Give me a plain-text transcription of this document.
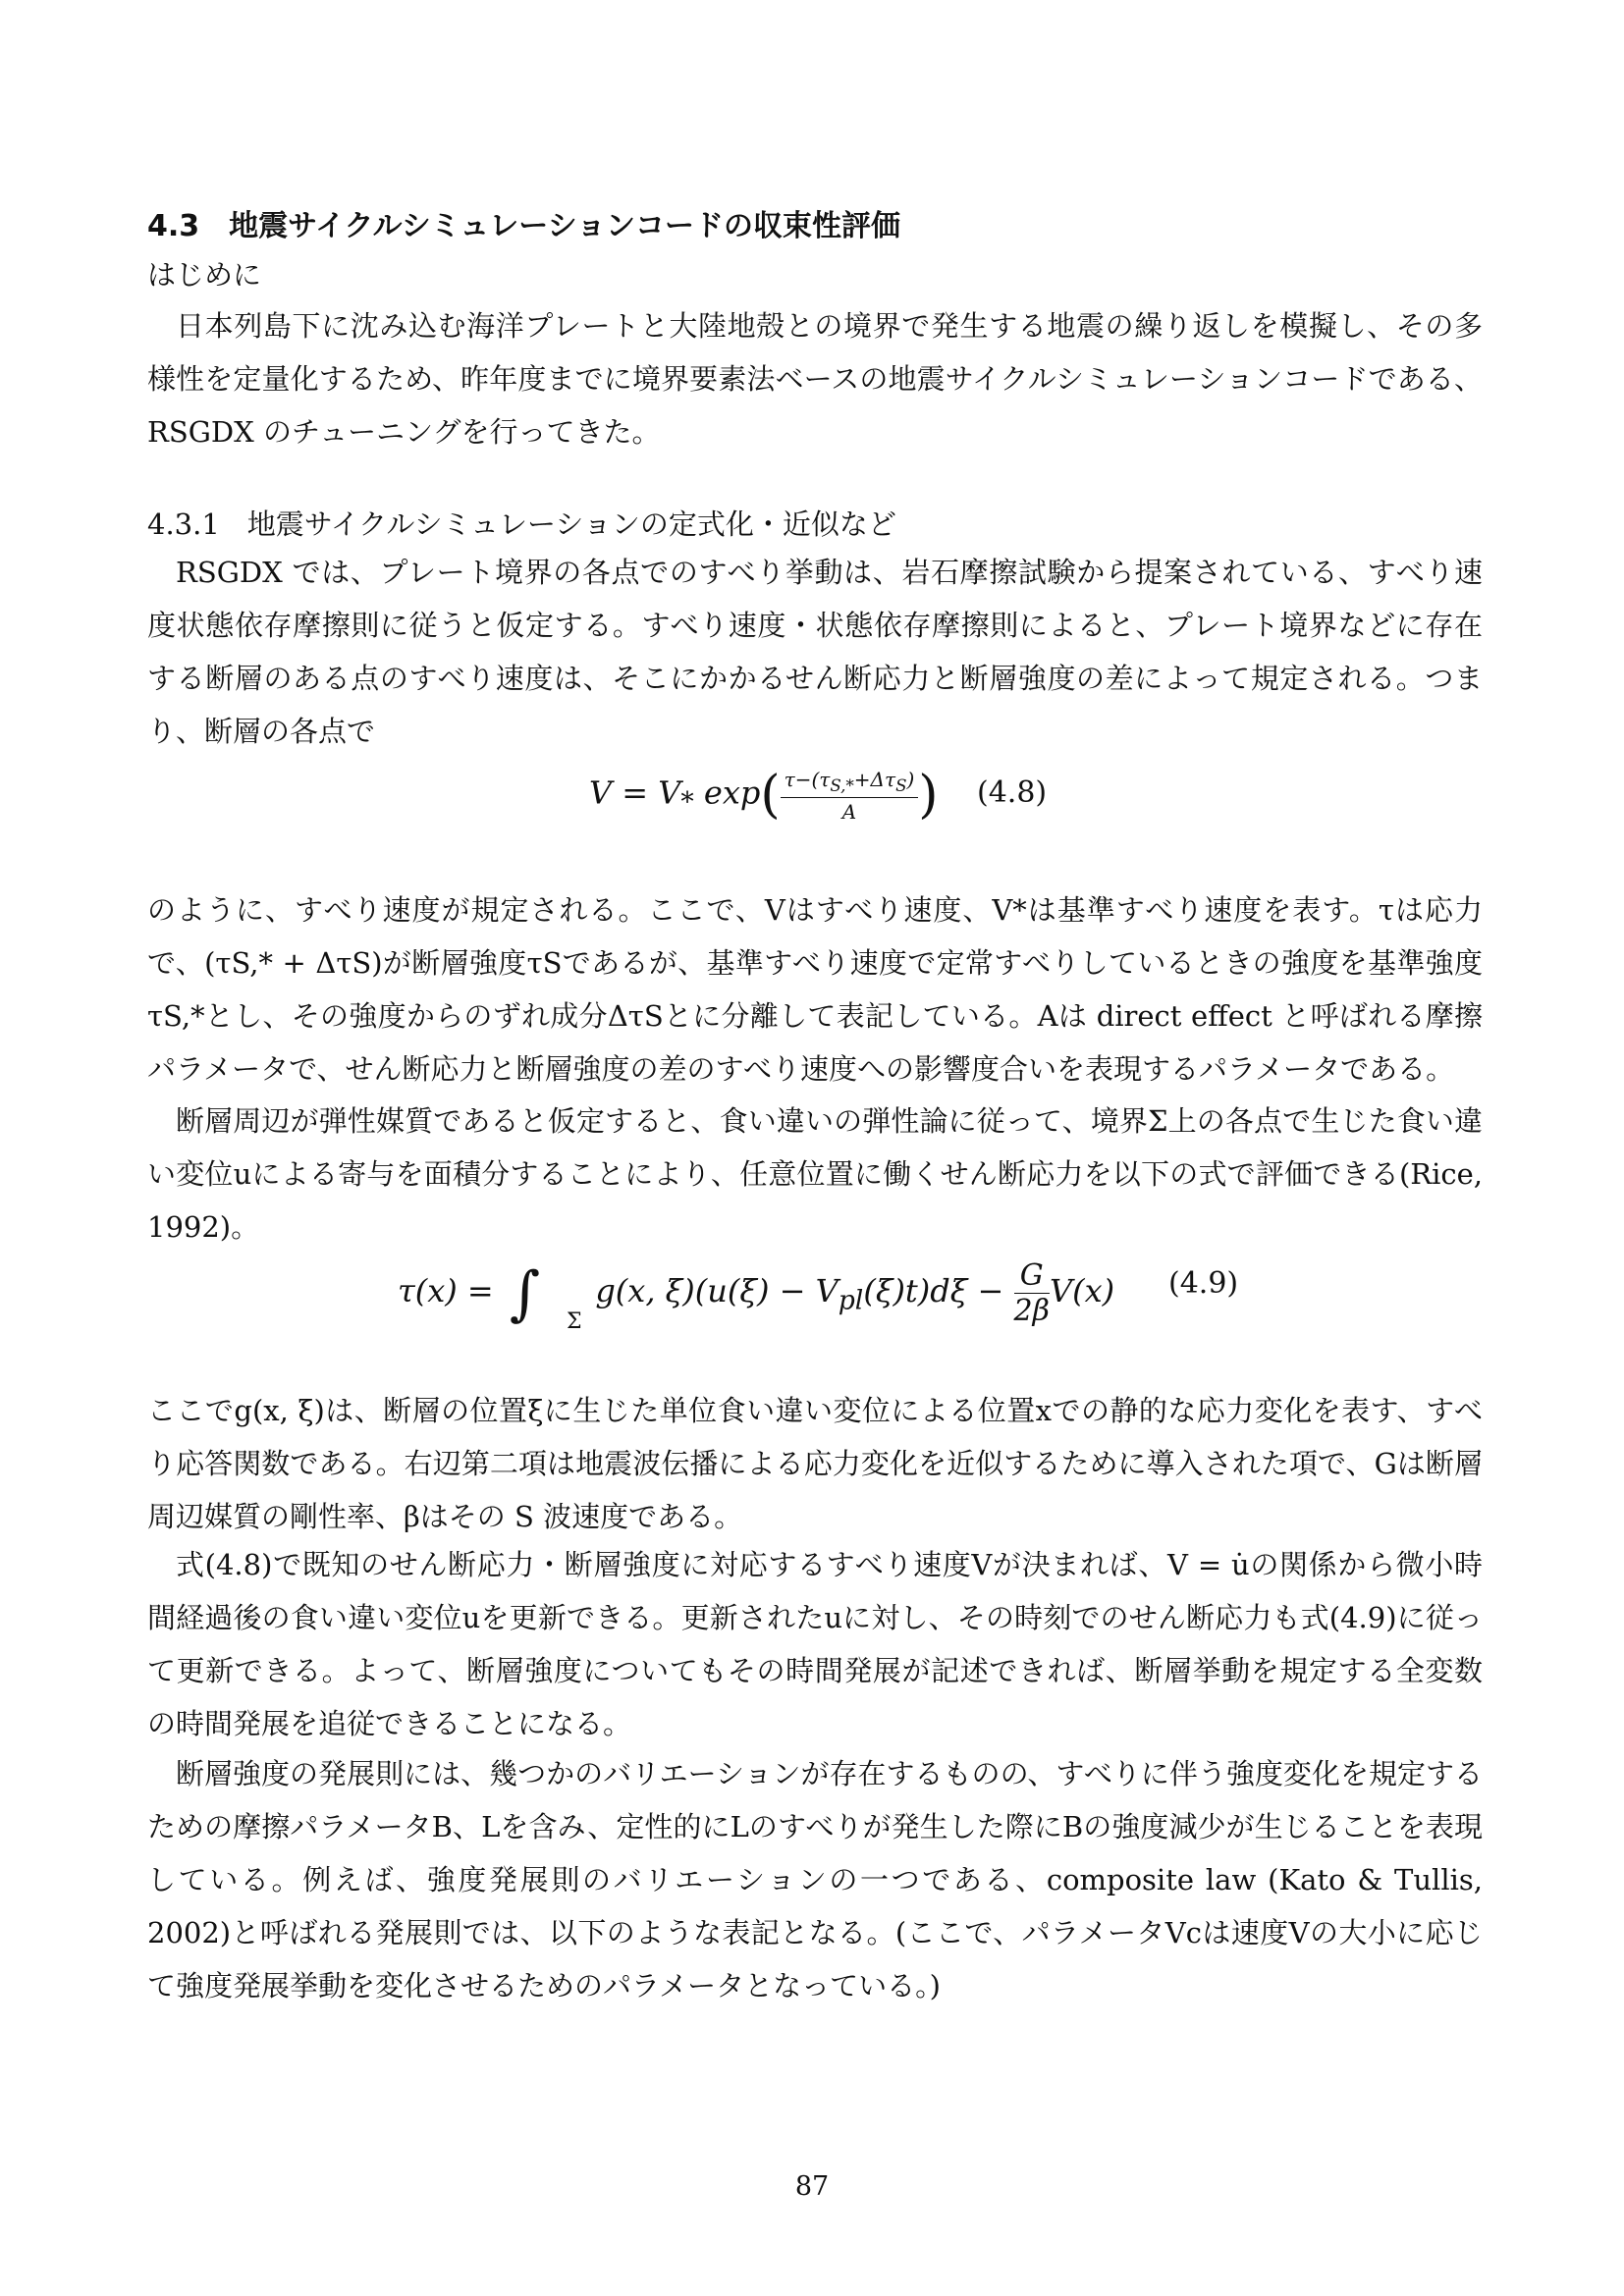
4.3 地震サイクルシミュレーションコードの収束性評価
はじめに

日本列島下に沈み込む海洋プレートと大陸地殻との境界で発生する地震の繰り返しを模擬し、その多様性を定量化するため、昨年度までに境界要素法ベースの地震サイクルシミュレーションコードである、RSGDX のチューニングを行ってきた。

4.3.1 地震サイクルシミュレーションの定式化・近似など

RSGDX では、プレート境界の各点でのすべり挙動は、岩石摩擦試験から提案されている、すべり速度状態依存摩擦則に従うと仮定する。すべり速度・状態依存摩擦則によると、プレート境界などに存在する断層のある点のすべり速度は、そこにかかるせん断応力と断層強度の差によって規定される。つまり、断層の各点で

$V = V_*$ $\exp( \frac{\tau-(\tau_{S,*}+\Delta\tau_S)}{A}$ ) (4.8)

のように、すべり速度が規定される。ここで、Vはすべり速度、V*は基準すべり速度を表す。τは応力で、(τS,* + ΔτS)が断層強度τSであるが、基準すべり速度で定常すべりしているときの強度を基準強度τS,*とし、その強度からのずれ成分ΔτSとに分離して表記している。Aは direct effect と呼ばれる摩擦パラメータで、せん断応力と断層強度の差のすべり速度への影響度合いを表現するパラメータである。

断層周辺が弾性媒質であると仮定すると、食い違いの弾性論に従って、境界Σ上の各点で生じた食い違い変位uによる寄与を面積分することにより、任意位置に働くせん断応力を以下の式で評価できる(Rice, 1992)。

τ(x) = ∫ Σ
g(x, $\xi)(u(\xi) - V_{pl}(\xi)t)d\xi - \frac{G}{2\beta} V(x)$ (4.9)

ここでg(x, ξ)は、断層の位置ξに生じた単位食い違い変位による位置xでの静的な応力変化を表す、すべり応答関数である。右辺第二項は地震波伝播による応力変化を近似するために導入された項で、Gは断層周辺媒質の剛性率、βはその S 波速度である。

式(4.8)で既知のせん断応力・断層強度に対応するすべり速度Vが決まれば、V = u̇の関係から微小時間経過後の食い違い変位uを更新できる。更新されたuに対し、その時刻でのせん断応力も式(4.9)に従って更新できる。よって、断層強度についてもその時間発展が記述できれば、断層挙動を規定する全変数の時間発展を追従できることになる。

断層強度の発展則には、幾つかのバリエーションが存在するものの、すべりに伴う強度変化を規定するための摩擦パラメータB、Lを含み、定性的にLのすべりが発生した際にBの強度減少が生じることを表現している。例えば、強度発展則のバリエーションの一つである、composite law (Kato & Tullis, 2002)と呼ばれる発展則では、以下のような表記となる。(ここで、パラメータVcは速度Vの大小に応じて強度発展挙動を変化させるためのパラメータとなっている。)

87
